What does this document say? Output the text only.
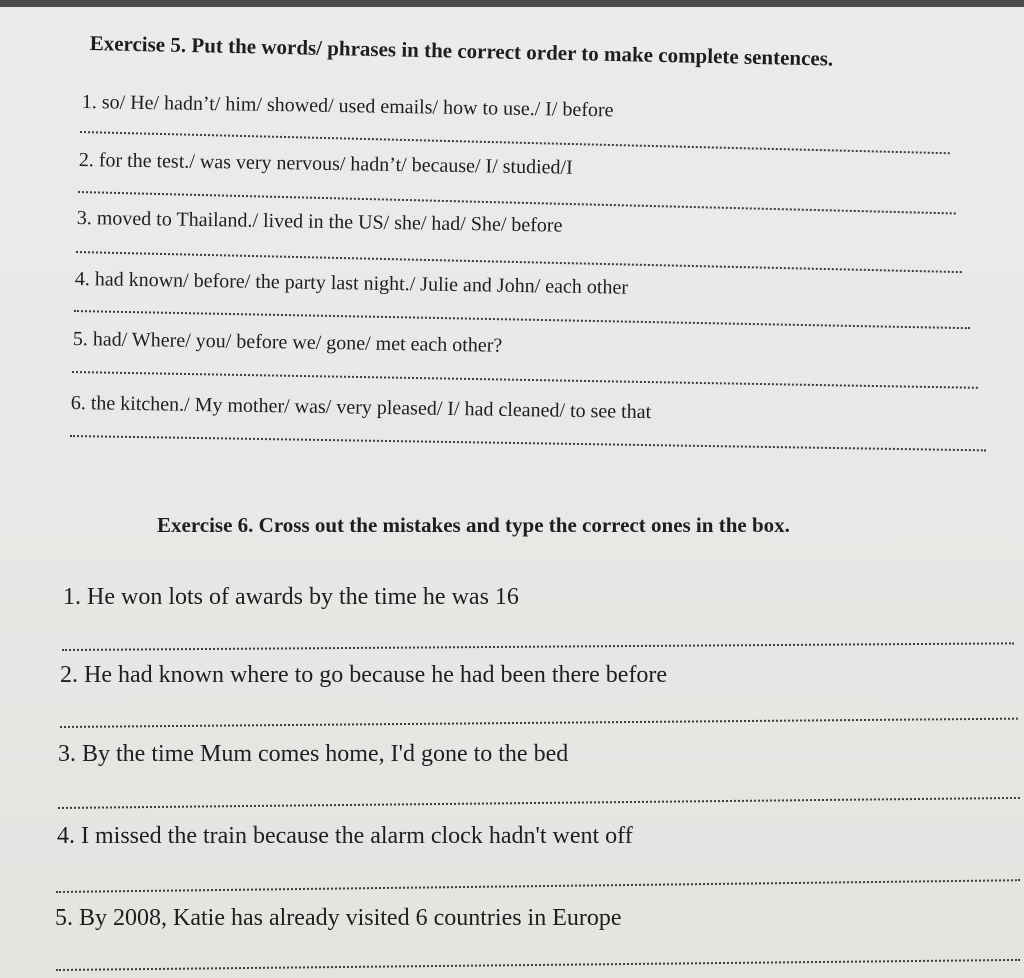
Exercise 5. Put the words/ phrases in the correct order to make complete sentences.
1. so/ He/ hadn’t/ him/ showed/ used emails/ how to use./ I/ before
2. for the test./ was very nervous/ hadn’t/ because/ I/ studied/I
3. moved to Thailand./ lived in the US/ she/ had/ She/ before
4. had known/ before/ the party last night./ Julie and John/ each other
5. had/ Where/ you/ before we/ gone/ met each other?
6. the kitchen./ My mother/ was/ very pleased/ I/ had cleaned/ to see that
Exercise 6. Cross out the mistakes and type the correct ones in the box.
1. He won lots of awards by the time he was 16
2. He had known where to go because he had been there before
3. By the time Mum comes home, I'd gone to the bed
4. I missed the train because the alarm clock hadn't went off
5. By 2008, Katie has already visited 6 countries in Europe
